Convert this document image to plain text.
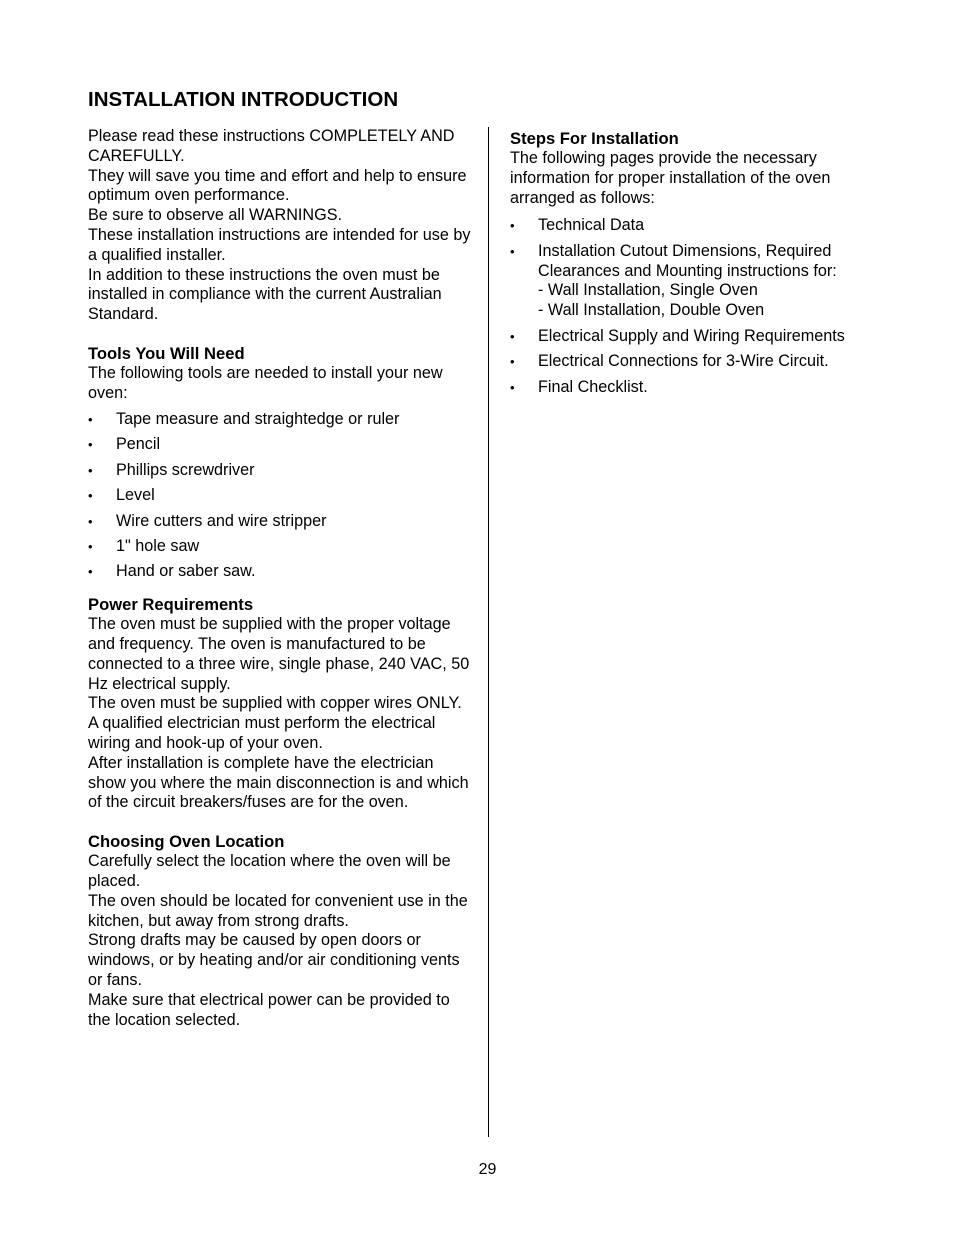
INSTALLATION INTRODUCTION

Please read these instructions COMPLETELY AND CAREFULLY.

They will save you time and effort and help to ensure optimum oven performance.

Be sure to observe all WARNINGS.

These installation instructions are intended for use by a qualified installer.

In addition to these instructions the oven must be installed in compliance with the current Australian Standard.

Tools You Will Need

The following tools are needed to install your new oven:

• Tape measure and straightedge or ruler
• Pencil
• Phillips screwdriver
• Level
• Wire cutters and wire stripper
• 1" hole saw
• Hand or saber saw.
Power Requirements

The oven must be supplied with the proper voltage and frequency. The oven is manufactured to be connected to a three wire, single phase, 240 VAC, 50 Hz electrical supply.

The oven must be supplied with copper wires ONLY.

A qualified electrician must perform the electrical wiring and hook-up of your oven.

After installation is complete have the electrician show you where the main disconnection is and which of the circuit breakers/fuses are for the oven.

Choosing Oven Location

Carefully select the location where the oven will be placed.

The oven should be located for convenient use in the kitchen, but away from strong drafts.

Strong drafts may be caused by open doors or windows, or by heating and/or air conditioning vents or fans.

Make sure that electrical power can be provided to the location selected.

Steps For Installation

The following pages provide the necessary information for proper installation of the oven arranged as follows:

• Technical Data
• Installation Cutout Dimensions, Required Clearances and Mounting instructions for:
- Wall Installation, Single Oven
- Wall Installation, Double Oven
• Electrical Supply and Wiring Requirements
• Electrical Connections for 3-Wire Circuit.
• Final Checklist.
29
